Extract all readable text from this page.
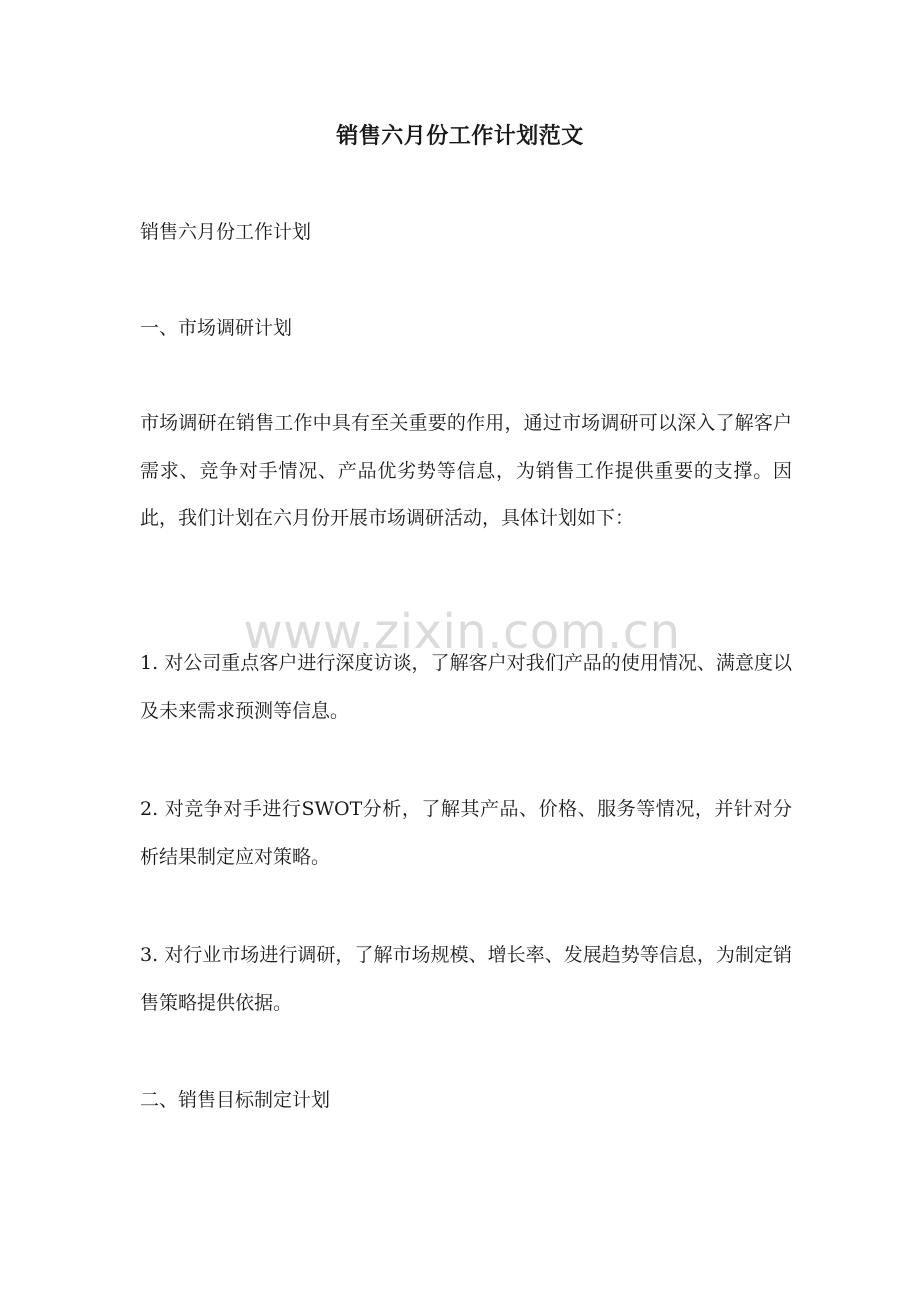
销售六月份工作计划范文
销售六月份工作计划
一、市场调研计划
市场调研在销售工作中具有至关重要的作用，通过市场调研可以深入了解客户需求、竞争对手情况、产品优劣势等信息，为销售工作提供重要的支撑。因此，我们计划在六月份开展市场调研活动，具体计划如下：
1. 对公司重点客户进行深度访谈，了解客户对我们产品的使用情况、满意度以及未来需求预测等信息。
2. 对竞争对手进行SWOT分析，了解其产品、价格、服务等情况，并针对分析结果制定应对策略。
3. 对行业市场进行调研，了解市场规模、增长率、发展趋势等信息，为制定销售策略提供依据。
二、销售目标制定计划
www.zixin.com.cn
